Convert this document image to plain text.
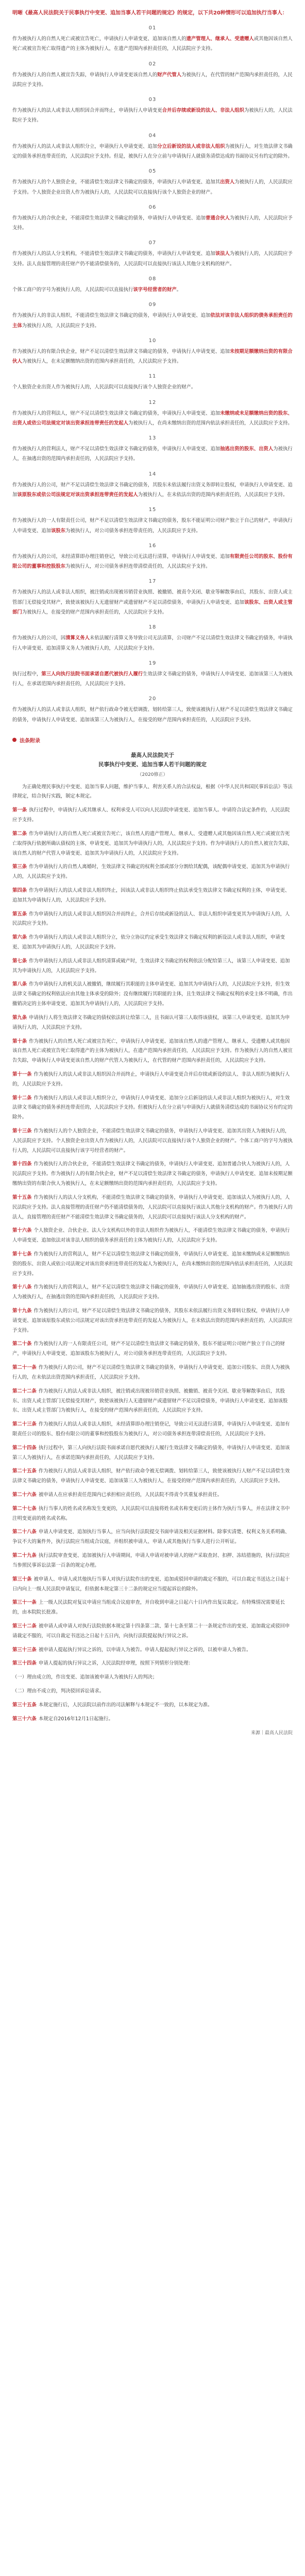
明晰《最高人民法院关于民事执行中变更、追加当事人若干问题的规定》的规定，以下共20种情形可以追加执行当事人：

01

作为被执行人的自然人死亡或被宣告死亡，申请执行人申请变更、追加该自然人的遗产管理人、继承人、受遗赠人或其他因该自然人死亡或被宣告死亡取得遗产的主体为被执行人，在遗产范围内承担责任的，人民法院应予支持。

02

作为被执行人的自然人被宣告失踪，申请执行人申请变更该自然人的财产代管人为被执行人，在代管的财产范围内承担责任的，人民法院应予支持。

03

作为被执行人的法人或非法人组织因合并而终止，申请执行人申请变更合并后存续或新设的法人、非法人组织为被执行人的，人民法院应予支持。

04

作为被执行人的法人或非法人组织分立，申请执行人申请变更、追加分立后新设的法人或非法人组织为被执行人，对生效法律文书确定的债务承担连带责任的，人民法院应予支持。但是，被执行人在分立前与申请执行人就债务清偿达成的书面协议另有约定的除外。

05

作为被执行人的个人独资企业，不能清偿生效法律文书确定的债务，申请执行人申请变更、追加其出资人为被执行人的，人民法院应予支持。个人独资企业出资人作为被执行人的，人民法院可以直接执行该个人独资企业的财产。

06

作为被执行人的合伙企业，不能清偿生效法律文书确定的债务，申请执行人申请变更、追加普通合伙人为被执行人的，人民法院应予支持。

07

作为被执行人的法人分支机构，不能清偿生效法律文书确定的债务，申请执行人申请变更、追加该法人为被执行人的，人民法院应予支持。法人直接管理的责任财产仍不能清偿债务的，人民法院可以直接执行该法人其他分支机构的财产。

08

个体工商户的字号为被执行人的，人民法院可以直接执行该字号经营者的财产。

09

作为被执行人的非法人组织，不能清偿生效法律文书确定的债务，申请执行人申请变更、追加依法对该非法人组织的债务承担责任的主体为被执行人的，人民法院应予支持。

10

作为被执行人的有限合伙企业，财产不足以清偿生效法律文书确定的债务，申请执行人申请变更、追加未按期足额缴纳出资的有限合伙人为被执行人，在未足额缴纳出资的范围内承担责任的，人民法院应予支持。

11

个人独资企业出资人作为被执行人的，人民法院可以直接执行该个人独资企业的财产。

12

作为被执行人的营利法人，财产不足以清偿生效法律文书确定的债务，申请执行人申请变更、追加未缴纳或未足额缴纳出资的股东、出资人或依公司法规定对该出资承担连带责任的发起人为被执行人，在尚未缴纳出资的范围内依法承担责任的，人民法院应予支持。

13

作为被执行人的营利法人，财产不足以清偿生效法律文书确定的债务，申请执行人申请变更、追加抽逃出资的股东、出资人为被执行人，在抽逃出资的范围内承担责任的，人民法院应予支持。

14

作为被执行人的公司，财产不足以清偿生效法律文书确定的债务，其股东未依法履行出资义务即转让股权，申请执行人申请变更、追加该原股东或依公司法规定对该出资承担连带责任的发起人为被执行人，在未依法出资的范围内承担责任的，人民法院应予支持。

15

作为被执行人的一人有限责任公司，财产不足以清偿生效法律文书确定的债务，股东不能证明公司财产独立于自己的财产，申请执行人申请变更、追加该股东为被执行人，对公司债务承担连带责任的，人民法院应予支持。

16

作为被执行人的公司，未经清算即办理注销登记，导致公司无法进行清算，申请执行人申请变更、追加有限责任公司的股东、股份有限公司的董事和控股股东为被执行人，对公司债务承担连带清偿责任的，人民法院应予支持。

17

作为被执行人的法人或非法人组织，被注销或出现被吊销营业执照、被撤销、被责令关闭、歇业等解散事由后，其股东、出资人或主管部门无偿接受其财产，致使该被执行人无遗留财产或遗留财产不足以清偿债务，申请执行人申请变更、追加该股东、出资人或主管部门为被执行人，在接受的财产范围内承担责任的，人民法院应予支持。

18

作为被执行人的公司，因清算义务人未依法履行清算义务导致公司无法清算，公司财产不足以清偿生效法律文书确定的债务，申请执行人申请变更、追加清算义务人为被执行人的，人民法院应予支持。

19

执行过程中，第三人向执行法院书面承诺自愿代被执行人履行生效法律文书确定的债务，申请执行人申请变更、追加该第三人为被执行人，在承诺范围内承担责任的，人民法院应予支持。

20

作为被执行人的法人或非法人组织，财产依行政命令被无偿调拨、划转给第三人，致使该被执行人财产不足以清偿生效法律文书确定的债务，申请执行人申请变更、追加该第三人为被执行人，在接受的财产范围内承担责任的，人民法院应予支持。

法条附录

最高人民法院关于

民事执行中变更、追加当事人若干问题的规定

（2020修正）

为正确处理民事执行中变更、追加当事人问题，维护当事人、利害关系人的合法权益，根据《中华人民共和国民事诉讼法》等法律规定，结合执行实践，制定本规定。

第一条 执行过程中，申请执行人或其继承人、权利承受人可以向人民法院申请变更、追加当事人。申请符合法定条件的，人民法院应予支持。

第二条 作为申请执行人的自然人死亡或被宣告死亡，该自然人的遗产管理人、继承人、受遗赠人或其他因该自然人死亡或被宣告死亡取得执行依据所确认债权的主体，申请变更、追加其为申请执行人的，人民法院应予支持。作为申请执行人的自然人被宣告失踪，该自然人的财产代管人申请变更、追加其为申请执行人的，人民法院应予支持。

第三条 作为申请执行人的自然人离婚时，生效法律文书确定的权利全部或部分分割给其配偶，该配偶申请变更、追加其为申请执行人的，人民法院应予支持。

第四条 作为申请执行人的法人或非法人组织终止，因该法人或非法人组织终止依法承受生效法律文书确定权利的主体，申请变更、追加其为申请执行人的，人民法院应予支持。

第五条 作为申请执行人的法人或非法人组织因合并而终止，合并后存续或新设的法人、非法人组织申请变更其为申请执行人的，人民法院应予支持。

第六条 作为申请执行人的法人或非法人组织分立，依分立协议约定承受生效法律文书确定权利的新设法人或非法人组织，申请变更、追加其为申请执行人的，人民法院应予支持。

第七条 作为申请执行人的法人或非法人组织清算或破产时，生效法律文书确定的权利依法分配给第三人，该第三人申请变更、追加其为申请执行人的，人民法院应予支持。

第八条 作为申请执行人的机关法人被撤销，继续履行其职能的主体申请变更、追加其为申请执行人的，人民法院应予支持，但生效法律文书确定的权利依法应由其他主体承受的除外；没有继续履行其职能的主体，且生效法律文书确定权利的承受主体不明确，作出撤销决定的主体申请变更、追加其为申请执行人的，人民法院应予支持。

第九条 申请执行人将生效法律文书确定的债权依法转让给第三人，且书面认可第三人取得该债权，该第三人申请变更、追加其为申请执行人的，人民法院应予支持。

第十条 作为被执行人的自然人死亡或被宣告死亡，申请执行人申请变更、追加该自然人的遗产管理人、继承人、受遗赠人或其他因该自然人死亡或被宣告死亡取得遗产的主体为被执行人，在遗产范围内承担责任的，人民法院应予支持。作为被执行人的自然人被宣告失踪，申请执行人申请变更该自然人的财产代管人为被执行人，在代管的财产范围内承担责任的，人民法院应予支持。

第十一条 作为被执行人的法人或非法人组织因合并而终止，申请执行人申请变更合并后存续或新设的法人、非法人组织为被执行人的，人民法院应予支持。

第十二条 作为被执行人的法人或非法人组织分立，申请执行人申请变更、追加分立后新设的法人或非法人组织为被执行人，对生效法律文书确定的债务承担连带责任的，人民法院应予支持。但被执行人在分立前与申请执行人就债务清偿达成的书面协议另有约定的除外。

第十三条 作为被执行人的个人独资企业，不能清偿生效法律文书确定的债务，申请执行人申请变更、追加其出资人为被执行人的，人民法院应予支持。个人独资企业出资人作为被执行人的，人民法院可以直接执行该个人独资企业的财产。个体工商户的字号为被执行人的，人民法院可以直接执行该字号经营者的财产。

第十四条 作为被执行人的合伙企业，不能清偿生效法律文书确定的债务，申请执行人申请变更、追加普通合伙人为被执行人的，人民法院应予支持。作为被执行人的有限合伙企业，财产不足以清偿生效法律文书确定的债务，申请执行人申请变更、追加未按期足额缴纳出资的有限合伙人为被执行人，在未足额缴纳出资的范围内承担责任的，人民法院应予支持。

第十五条 作为被执行人的法人分支机构，不能清偿生效法律文书确定的债务，申请执行人申请变更、追加该法人为被执行人的，人民法院应予支持。法人直接管理的责任财产仍不能清偿债务的，人民法院可以直接执行该法人其他分支机构的财产。作为被执行人的法人，直接管理的责任财产不能清偿生效法律文书确定债务的，人民法院可以直接执行该法人分支机构的财产。

第十六条 个人独资企业、合伙企业、法人分支机构以外的非法人组织作为被执行人，不能清偿生效法律文书确定的债务，申请执行人申请变更、追加依法对该非法人组织的债务承担责任的主体为被执行人的，人民法院应予支持。

第十七条 作为被执行人的营利法人，财产不足以清偿生效法律文书确定的债务，申请执行人申请变更、追加未缴纳或未足额缴纳出资的股东、出资人或依公司法规定对该出资承担连带责任的发起人为被执行人，在尚未缴纳出资的范围内依法承担责任的，人民法院应予支持。

第十八条 作为被执行人的营利法人，财产不足以清偿生效法律文书确定的债务，申请执行人申请变更、追加抽逃出资的股东、出资人为被执行人，在抽逃出资的范围内承担责任的，人民法院应予支持。

第十九条 作为被执行人的公司，财产不足以清偿生效法律文书确定的债务，其股东未依法履行出资义务即转让股权，申请执行人申请变更、追加该原股东或依公司法规定对该出资承担连带责任的发起人为被执行人，在未依法出资的范围内承担责任的，人民法院应予支持。

第二十条 作为被执行人的一人有限责任公司，财产不足以清偿生效法律文书确定的债务，股东不能证明公司财产独立于自己的财产，申请执行人申请变更、追加该股东为被执行人，对公司债务承担连带责任的，人民法院应予支持。

第二十一条 作为被执行人的公司，财产不足以清偿生效法律文书确定的债务，申请执行人申请变更、追加公司股东、出资人为被执行人的，在未依法出资范围内承担责任，人民法院应予支持。

第二十二条 作为被执行人的法人或非法人组织，被注销或出现被吊销营业执照、被撤销、被责令关闭、歇业等解散事由后，其股东、出资人或主管部门无偿接受其财产，致使该被执行人无遗留财产或遗留财产不足以清偿债务，申请执行人申请变更、追加该股东、出资人或主管部门为被执行人，在接受的财产范围内承担责任的，人民法院应予支持。

第二十三条 作为被执行人的法人或非法人组织，未经清算即办理注销登记，导致公司无法进行清算，申请执行人申请变更、追加有限责任公司的股东、股份有限公司的董事和控股股东为被执行人，对公司债务承担连带清偿责任的，人民法院应予支持。

第二十四条 执行过程中，第三人向执行法院书面承诺自愿代被执行人履行生效法律文书确定的债务，申请执行人申请变更、追加该第三人为被执行人，在承诺范围内承担责任的，人民法院应予支持。

第二十五条 作为被执行人的法人或非法人组织，财产依行政命令被无偿调拨、划转给第三人，致使该被执行人财产不足以清偿生效法律文书确定的债务，申请执行人申请变更、追加该第三人为被执行人，在接受的财产范围内承担责任的，人民法院应予支持。

第二十六条 被申请人在应承担责任范围内已承担相应责任的，人民法院不得责令其重复承担责任。

第二十七条 执行当事人的姓名或名称发生变更的，人民法院可以直接将姓名或名称变更后的主体作为执行当事人，并在法律文书中注明变更前的姓名或名称。

第二十八条 申请人申请变更、追加执行当事人，应当向执行法院提交书面申请及相关证据材料。除事实清楚、权利义务关系明确、争议不大的案件外，执行法院应当组成合议庭，并组织被申请人、申请人或其他执行当事人进行公开听证。

第二十九条 执行法院审查变更、追加被执行人申请期间，申请人申请对被申请人的财产采取查封、扣押、冻结措施的，执行法院应当参照民事诉讼法第一百条的规定办理。

第三十条 被申请人、申请人或其他执行当事人对执行法院作出的变更、追加或驳回申请的裁定不服的，可以自裁定书送达之日起十日内向上一级人民法院申请复议，但依据本规定第三十二条的规定应当提起诉讼的除外。

第三十一条 上一级人民法院对复议申请应当组成合议庭审查，并自收到申请之日起六十日内作出复议裁定。有特殊情况需要延长的，由本院院长批准。

第三十二条 被申请人或申请人对执行法院依据本规定第十四条第二款、第十七条至第二十一条规定作出的变更、追加裁定或驳回申请裁定不服的，可以自裁定书送达之日起十五日内，向执行法院提起执行异议之诉。

第三十三条 被申请人提起执行异议之诉的，以申请人为被告。申请人提起执行异议之诉的，以被申请人为被告。

第三十四条 申请人提起的执行异议之诉，人民法院经审理，按照下列情形分别处理：

（一）理由成立的，作出变更、追加该被申请人为被执行人的判决；

（二）理由不成立的，判决驳回诉讼请求。

第三十五条 本规定施行后，人民法院以前作出的司法解释与本规定不一致的，以本规定为准。

第三十六条 本规定自2016年12月1日起施行。

来源｜最高人民法院
